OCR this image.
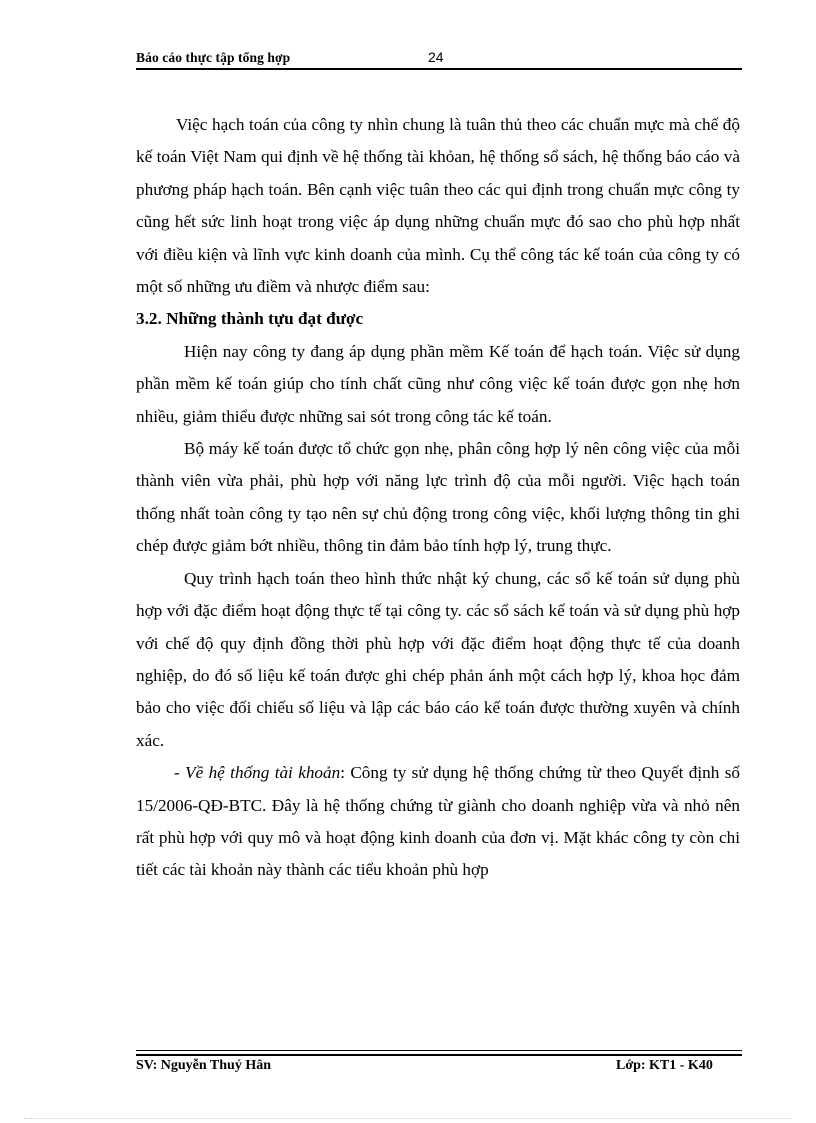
Báo cáo thực tập tổng hợp	24

Việc hạch toán của công ty nhìn chung là tuân thủ theo các chuẩn mực mà chế độ kế toán Việt Nam qui định về hệ thống tài khỏan, hệ thống sổ sách, hệ thống báo cáo và phương pháp hạch toán. Bên cạnh việc tuân theo các qui định trong chuẩn mực công ty cũng hết sức linh hoạt trong việc áp dụng những chuẩn mực đó sao cho phù hợp nhất với điều kiện và lĩnh vực kinh doanh của mình. Cụ thể công tác kế toán của công ty có một số những ưu điềm và nhược điểm sau:

3.2. Những thành tựu đạt được

Hiện nay công ty đang áp dụng phần mềm Kế toán để hạch toán. Việc sử dụng phần mềm kế toán giúp cho tính chất cũng như công việc kế toán được gọn nhẹ hơn nhiều, giảm thiểu được những sai sót trong công tác kế toán.

Bộ máy kế toán được tổ chức gọn nhẹ, phân công hợp lý nên công việc của mỗi thành viên vừa phải, phù hợp với năng lực trình độ của mỗi người. Việc hạch toán thống nhất toàn công ty tạo nên sự chủ động trong công việc, khối lượng thông tin ghi chép được giảm bớt nhiều, thông tin đảm bảo tính hợp lý, trung thực.

Quy trình hạch toán theo hình thức nhật ký chung, các sổ kế toán sử dụng phù hợp với đặc điểm hoạt động thực tế tại công ty. các sổ sách kế toán và sử dụng phù hợp với chế độ quy định đồng thời phù hợp với đặc điểm hoạt động thực tế của doanh nghiệp, do đó số liệu kế toán được ghi chép phản ánh một cách hợp lý, khoa học đảm bảo cho việc đối chiếu số liệu và lập các báo cáo kế toán được thường xuyên và chính xác.

- Về hệ thống tài khoản: Công ty sử dụng hệ thống chứng từ theo Quyết định số 15/2006-QĐ-BTC. Đây là hệ thống chứng từ giành cho doanh nghiệp vừa và nhỏ nên rất phù hợp với quy mô và hoạt động kinh doanh của đơn vị. Mặt khác công ty còn chi tiết các tài khoản này thành các tiểu khoản phù hợp

SV: Nguyễn Thuý Hân	Lớp: KT1 - K40
